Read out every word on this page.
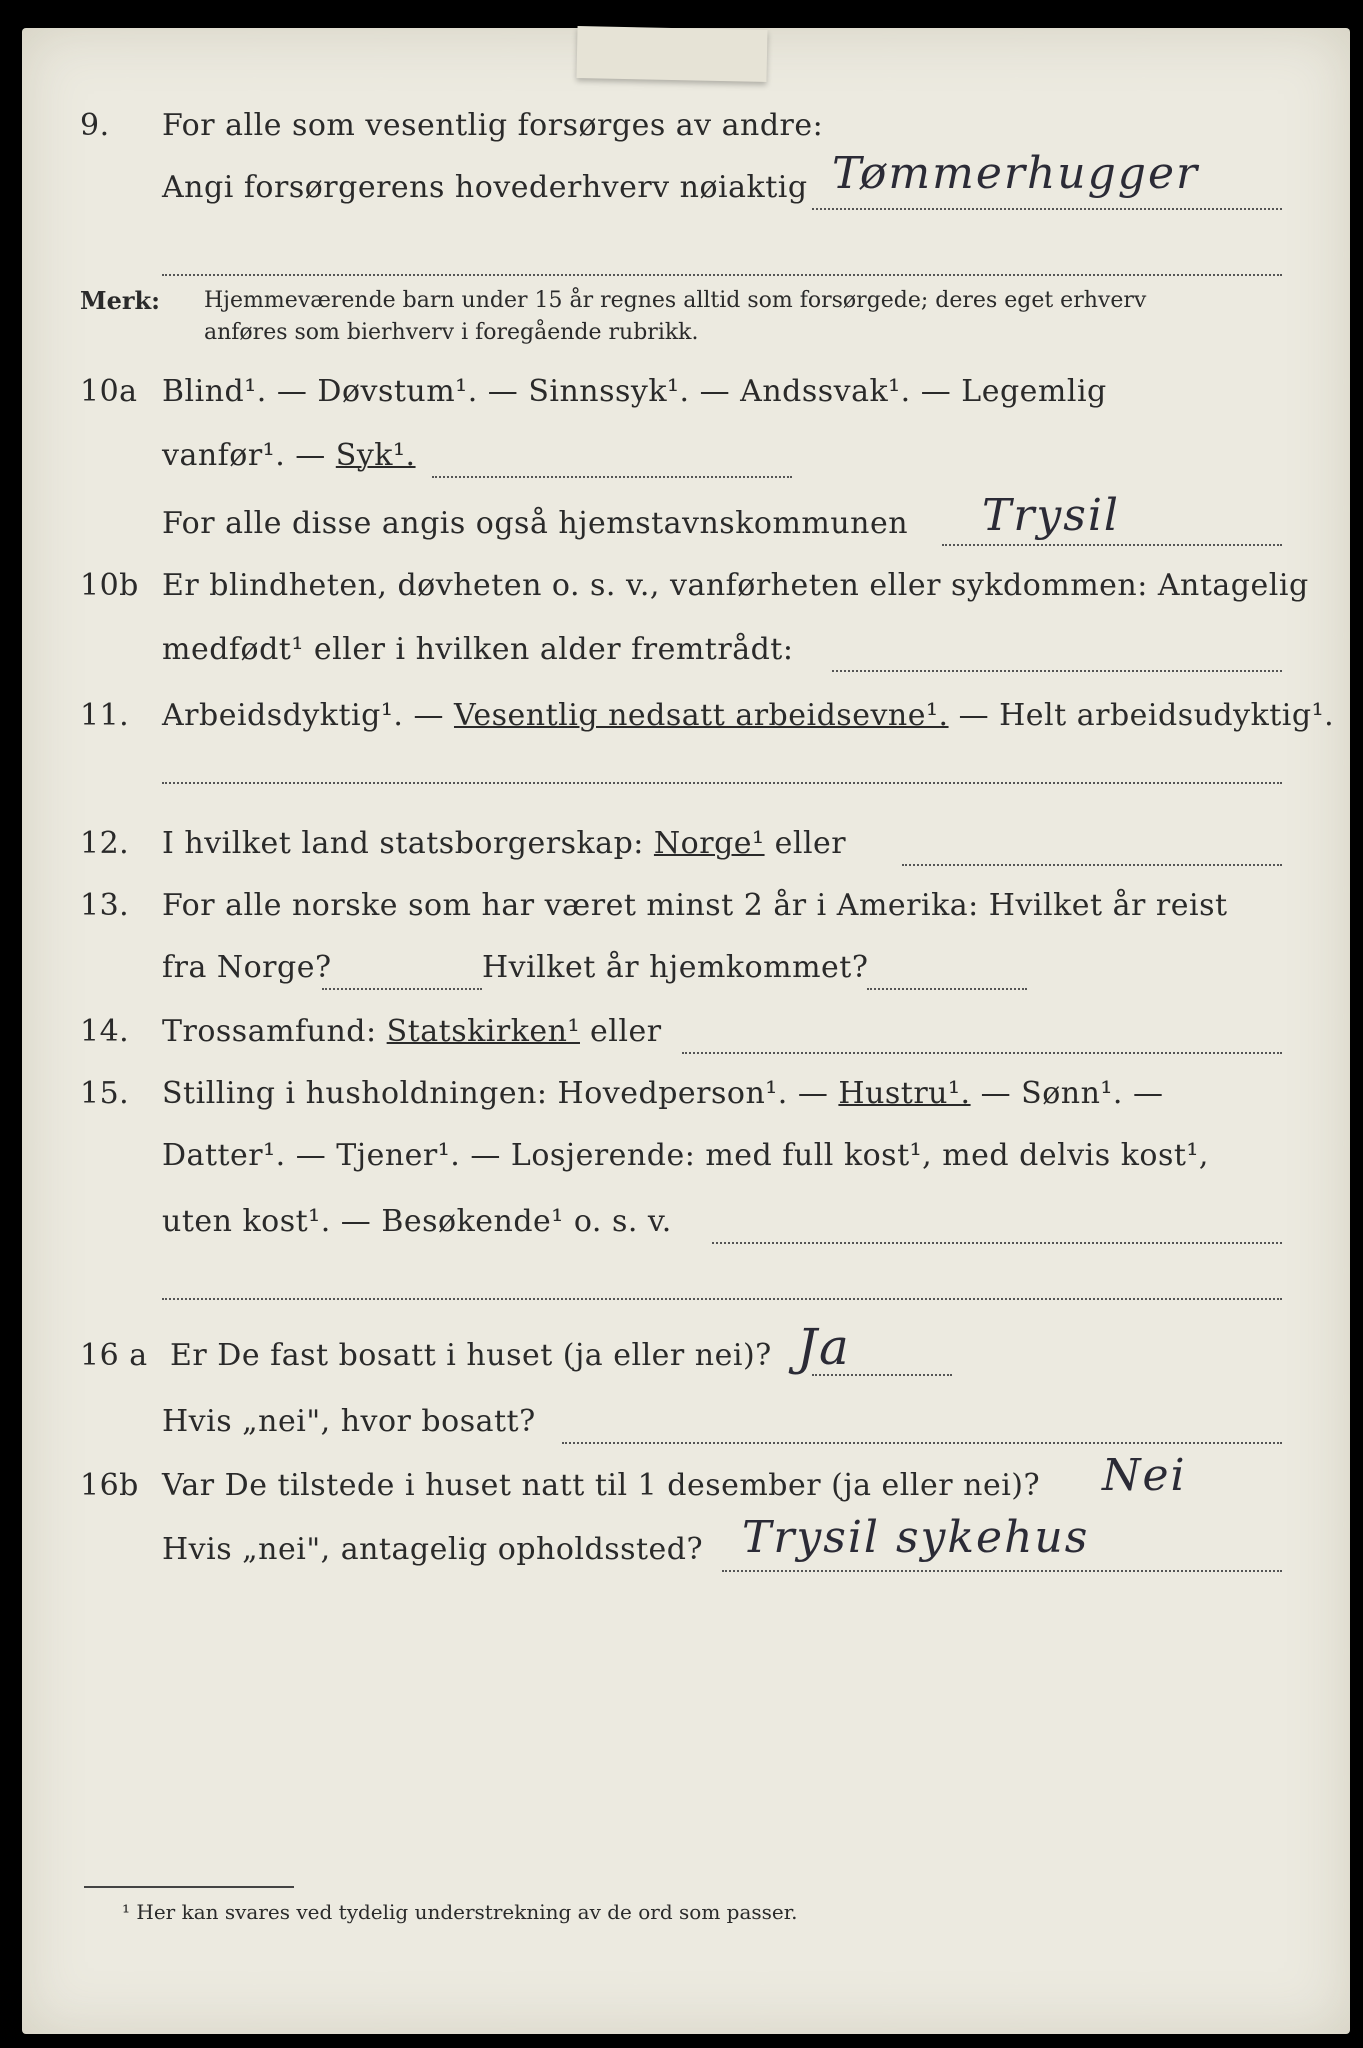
9. For alle som vesentlig forsørges av andre:
Angi forsørgerens hovederhverv nøiaktig Tømmerhugger
Merk: Hjemmeværende barn under 15 år regnes alltid som forsørgede; deres eget erhverv
anføres som bierhverv i foregående rubrikk.
10a Blind¹. — Døvstum¹. — Sinnssyk¹. — Andssvak¹. — Legemlig
vanfør¹. — Syk¹.
For alle disse angis også hjemstavnskommunen Trysil
10b Er blindheten, døvheten o. s. v., vanførheten eller sykdommen: Antagelig
medfødt¹ eller i hvilken alder fremtrådt:
11. Arbeidsdyktig¹. — Vesentlig nedsatt arbeidsevne¹. — Helt arbeidsudyktig¹.
12. I hvilket land statsborgerskap: Norge¹ eller
13. For alle norske som har været minst 2 år i Amerika: Hvilket år reist
fra Norge?	Hvilket år hjemkommet?
14. Trossamfund: Statskirken¹ eller
15. Stilling i husholdningen: Hovedperson¹. — Hustru¹. — Sønn¹. —
Datter¹. — Tjener¹. — Losjerende: med full kost¹, med delvis kost¹,
uten kost¹. — Besøkende¹ o. s. v.
16 a Er De fast bosatt i huset (ja eller nei)? Ja
Hvis „nei", hvor bosatt?
16b Var De tilstede i huset natt til 1 desember (ja eller nei)? Nei
Hvis „nei", antagelig opholdssted? Trysil sykehus
¹ Her kan svares ved tydelig understrekning av de ord som passer.
